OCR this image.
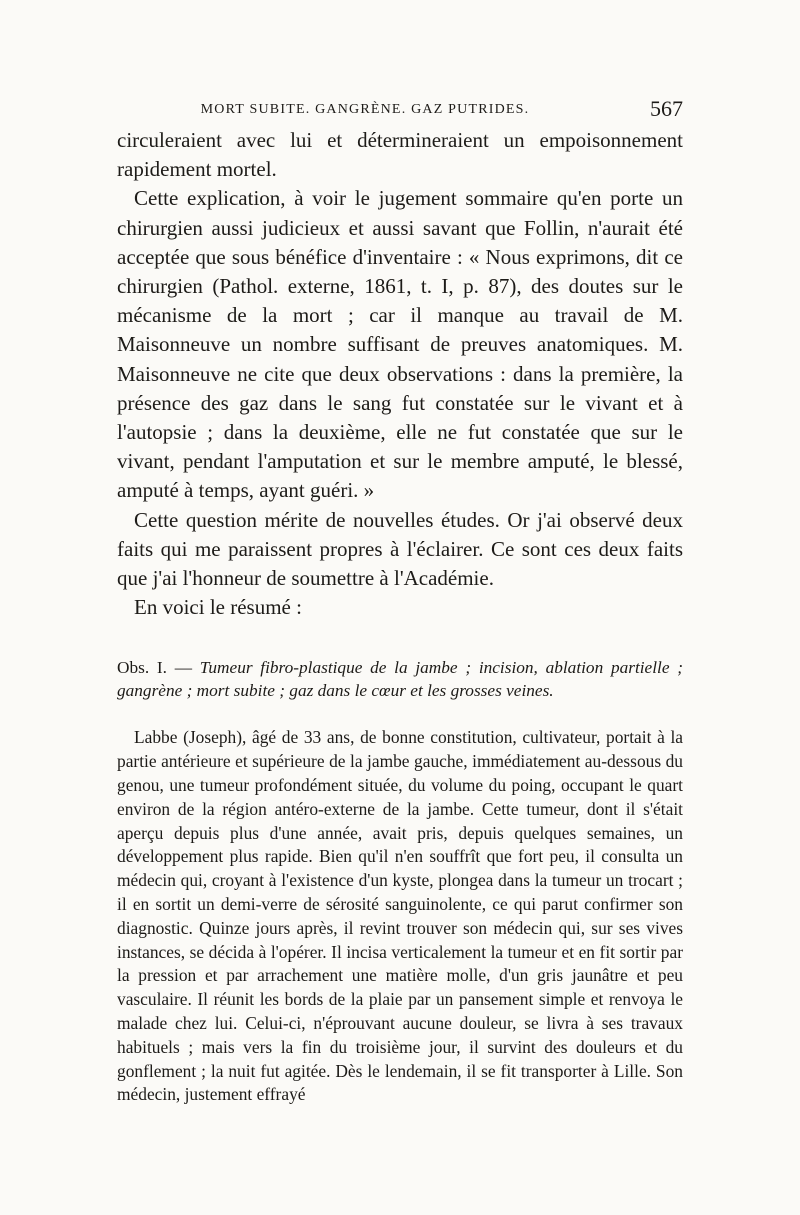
MORT SUBITE. GANGRÈNE. GAZ PUTRIDES.	567

circuleraient avec lui et détermineraient un empoisonnement rapidement mortel.

Cette explication, à voir le jugement sommaire qu'en porte un chirurgien aussi judicieux et aussi savant que Follin, n'aurait été acceptée que sous bénéfice d'inventaire : « Nous exprimons, dit ce chirurgien (Pathol. externe, 1861, t. I, p. 87), des doutes sur le mécanisme de la mort ; car il manque au travail de M. Maisonneuve un nombre suffisant de preuves anatomiques. M. Maisonneuve ne cite que deux observations : dans la première, la présence des gaz dans le sang fut constatée sur le vivant et à l'autopsie ; dans la deuxième, elle ne fut constatée que sur le vivant, pendant l'amputation et sur le membre amputé, le blessé, amputé à temps, ayant guéri. »

Cette question mérite de nouvelles études. Or j'ai observé deux faits qui me paraissent propres à l'éclairer. Ce sont ces deux faits que j'ai l'honneur de soumettre à l'Académie.

En voici le résumé :

Obs. I. — Tumeur fibro-plastique de la jambe ; incision, ablation partielle ; gangrène ; mort subite ; gaz dans le cœur et les grosses veines.

Labbe (Joseph), âgé de 33 ans, de bonne constitution, cultivateur, portait à la partie antérieure et supérieure de la jambe gauche, immédiatement au-dessous du genou, une tumeur profondément située, du volume du poing, occupant le quart environ de la région antéro-externe de la jambe. Cette tumeur, dont il s'était aperçu depuis plus d'une année, avait pris, depuis quelques semaines, un développement plus rapide. Bien qu'il n'en souffrît que fort peu, il consulta un médecin qui, croyant à l'existence d'un kyste, plongea dans la tumeur un trocart ; il en sortit un demi-verre de sérosité sanguinolente, ce qui parut confirmer son diagnostic. Quinze jours après, il revint trouver son médecin qui, sur ses vives instances, se décida à l'opérer. Il incisa verticalement la tumeur et en fit sortir par la pression et par arrachement une matière molle, d'un gris jaunâtre et peu vasculaire. Il réunit les bords de la plaie par un pansement simple et renvoya le malade chez lui. Celui-ci, n'éprouvant aucune douleur, se livra à ses travaux habituels ; mais vers la fin du troisième jour, il survint des douleurs et du gonflement ; la nuit fut agitée. Dès le lendemain, il se fit transporter à Lille. Son médecin, justement effrayé
